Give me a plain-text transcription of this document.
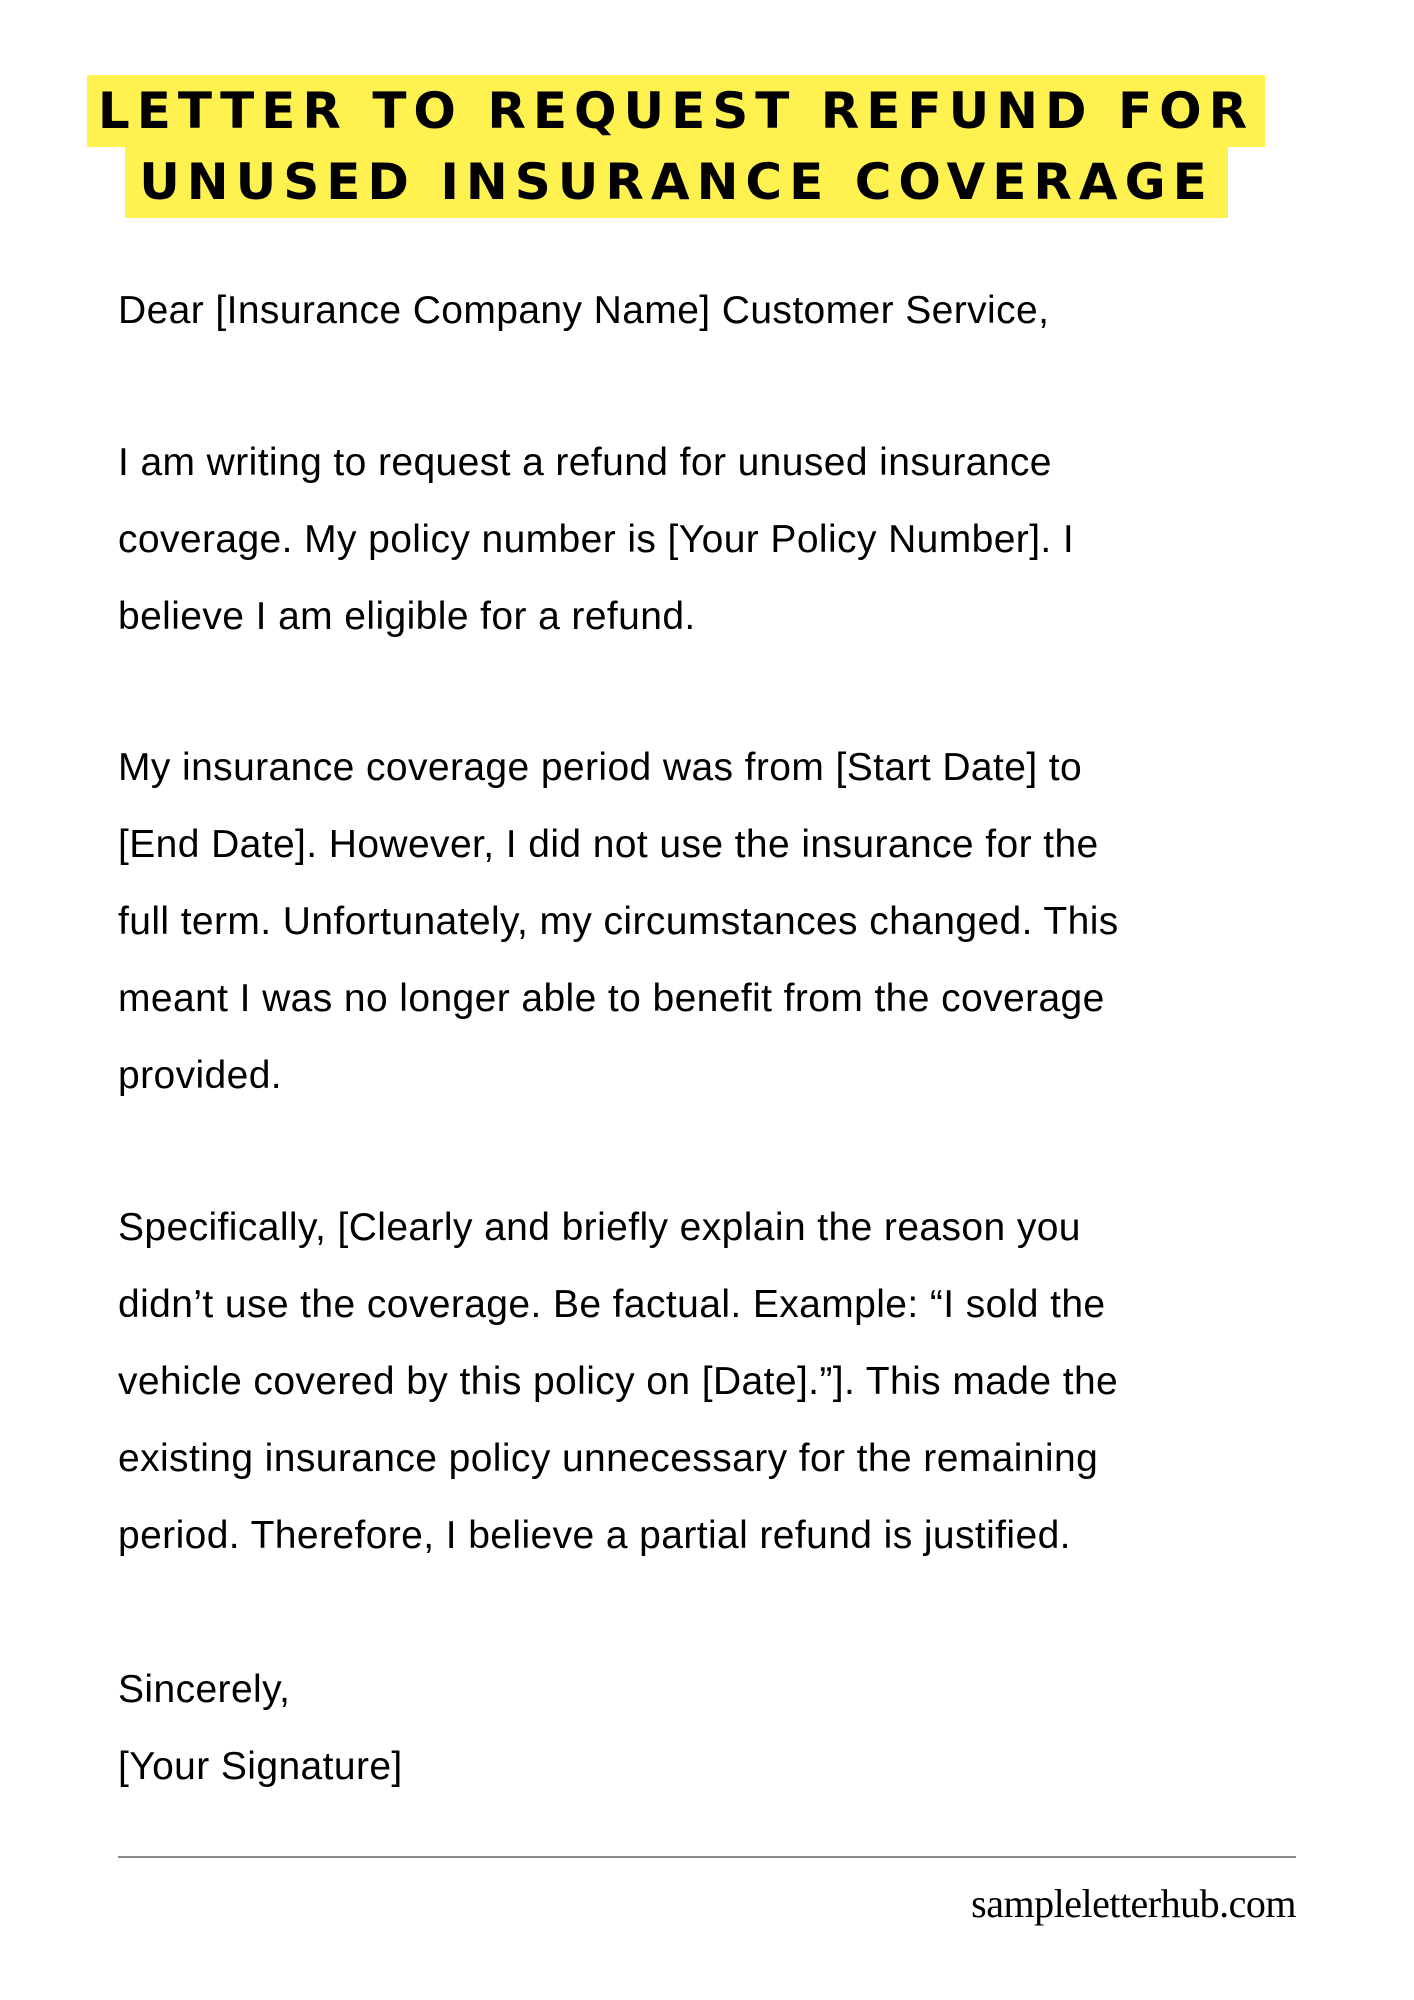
LETTER TO REQUEST REFUND FOR
UNUSED INSURANCE COVERAGE
Dear [Insurance Company Name] Customer Service,
I am writing to request a refund for unused insurance
coverage. My policy number is [Your Policy Number]. I
believe I am eligible for a refund.
My insurance coverage period was from [Start Date] to
[End Date]. However, I did not use the insurance for the
full term. Unfortunately, my circumstances changed. This
meant I was no longer able to benefit from the coverage
provided.
Specifically, [Clearly and briefly explain the reason you
didn’t use the coverage. Be factual. Example: “I sold the
vehicle covered by this policy on [Date].”]. This made the
existing insurance policy unnecessary for the remaining
period. Therefore, I believe a partial refund is justified.
Sincerely,
[Your Signature]
sampleletterhub.com
